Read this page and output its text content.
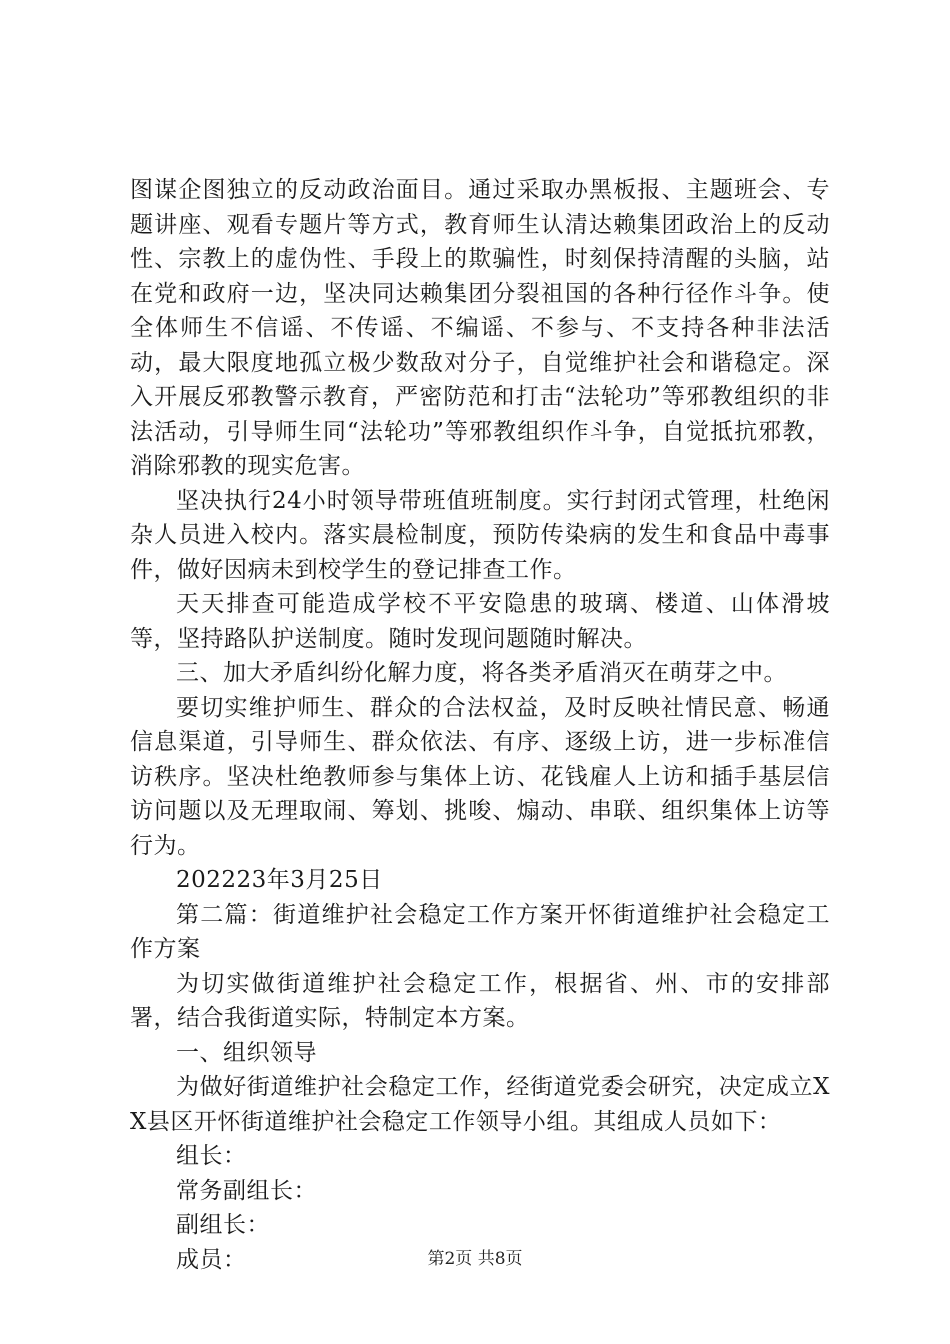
图谋企图独立的反动政治面目。通过采取办黑板报、主题班会、专题讲座、观看专题片等方式，教育师生认清达赖集团政治上的反动性、宗教上的虚伪性、手段上的欺骗性，时刻保持清醒的头脑，站在党和政府一边，坚决同达赖集团分裂祖国的各种行径作斗争。使全体师生不信谣、不传谣、不编谣、不参与、不支持各种非法活动，最大限度地孤立极少数敌对分子，自觉维护社会和谐稳定。深入开展反邪教警示教育，严密防范和打击“法轮功”等邪教组织的非法活动，引导师生同“法轮功”等邪教组织作斗争，自觉抵抗邪教，消除邪教的现实危害。

坚决执行24小时领导带班值班制度。实行封闭式管理，杜绝闲杂人员进入校内。落实晨检制度，预防传染病的发生和食品中毒事件，做好因病未到校学生的登记排查工作。

天天排查可能造成学校不平安隐患的玻璃、楼道、山体滑坡等，坚持路队护送制度。随时发现问题随时解决。

三、加大矛盾纠纷化解力度，将各类矛盾消灭在萌芽之中。

要切实维护师生、群众的合法权益，及时反映社情民意、畅通信息渠道，引导师生、群众依法、有序、逐级上访，进一步标准信访秩序。坚决杜绝教师参与集体上访、花钱雇人上访和插手基层信访问题以及无理取闹、筹划、挑唆、煽动、串联、组织集体上访等行为。

202223年3月25日

第二篇：街道维护社会稳定工作方案开怀街道维护社会稳定工作方案

为切实做街道维护社会稳定工作，根据省、州、市的安排部署，结合我街道实际，特制定本方案。

一、组织领导

为做好街道维护社会稳定工作，经街道党委会研究，决定成立XX县区开怀街道维护社会稳定工作领导小组。其组成人员如下：

组长：

常务副组长：

副组长：

成员：	第2页 共8页
